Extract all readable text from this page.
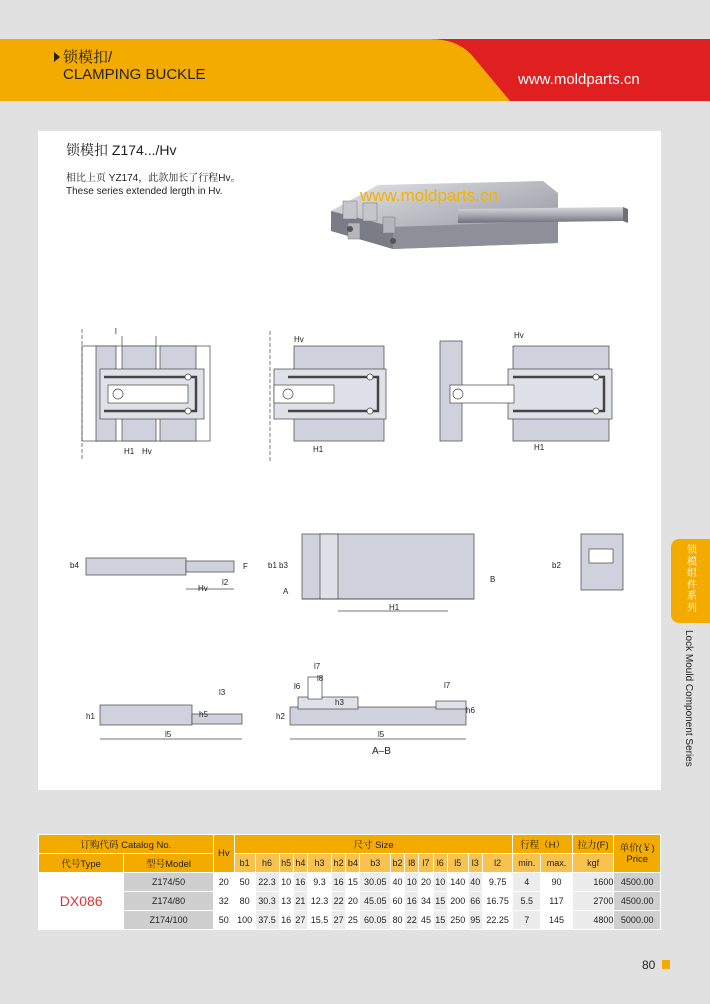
锁模扣/
CLAMPING BUCKLE	www.moldparts.cn
锁模扣 Z174.../Hv
相比上页 YZ174，此款加长了行程Hv。
These series extended lergth in Hv.	www.moldparts.cn
l
H1 Hv
Hv
H1
Hv
H1
b4	F
l2
Hv
b1 b3
A
B
H1
b2
l3
h1	h5
l5
l7
l8
l6
h3
h2
l7
h6
l5
A–B
锁模组件系列
Lock Mould Component Series
订购代码 Catalog No.		Hv	尺寸 Size															行程（H）		拉力(F)	单价(￥)
Price
代号Type	型号Model		b1	h6	h5	h4	h3	h2	b4	b3	b2	l8	l7	l6	l5	l3	l2	min.	max.	kgf	
DX086	Z174/50	20	50	22.3	10	16	9.3	16	15	30.05	40	10	20	10	140	40	9.75	4	90	1600	4500.00
	Z174/80	32	80	30.3	13	21	12.3	22	20	45.05	60	16	34	15	200	66	16.75	5.5	117	2700	4500.00
	Z174/100	50	100	37.5	16	27	15.5	27	25	60.05	80	22	45	15	250	95	22.25	7	145	4800	5000.00
80
